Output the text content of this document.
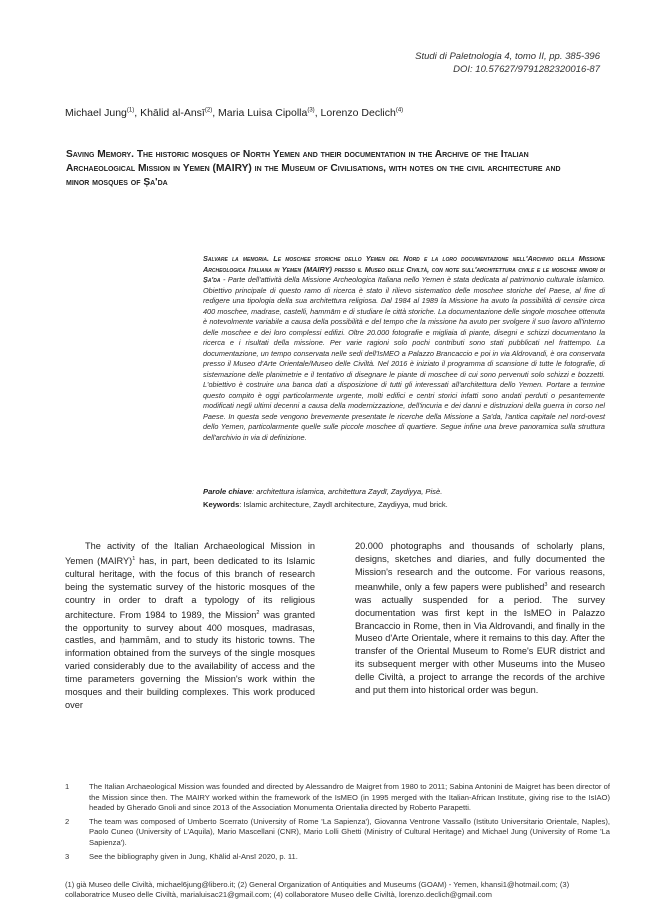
Studi di Paletnologia 4, tomo II, pp. 385-396
DOI: 10.57627/9791282320016-87
Michael Jung$^{(1)}$, Khālid al-Ansī$^{(2)}$, Maria Luisa Cipolla$^{(3)}$, Lorenzo Declich$^{(4)}$
Saving Memory. The historic mosques of North Yemen and their documentation in the Archive of the Italian Archaeological Mission in Yemen (MAIRY) in the Museum of Civilisations, with notes on the civil architecture and minor mosques of Ṣa'da
Salvare la memoria. Le moschee storiche dello Yemen del Nord e la loro documentazione nell'Archivio della Missione Archeologica Italiana in Yemen (MAIRY) presso il Museo delle Civiltà, con note sull'architettura civile e le moschee minori di Ṣa'da - Parte dell'attività della Missione Archeologica Italiana nello Yemen è stata dedicata al patrimonio culturale islamico. Obiettivo principale di questo ramo di ricerca è stato il rilievo sistematico delle moschee storiche del Paese, al fine di redigere una tipologia della sua architettura religiosa. Dal 1984 al 1989 la Missione ha avuto la possibilità di censire circa 400 moschee, madrase, castelli, hammām e di studiare le città storiche. La documentazione delle singole moschee ottenuta è notevolmente variabile a causa della possibilità e del tempo che la missione ha avuto per svolgere il suo lavoro all'interno delle moschee e dei loro complessi edifizi. Oltre 20.000 fotografie e migliaia di piante, disegni e schizzi documentano la ricerca e i risultati della missione. Per varie ragioni solo pochi contributi sono stati pubblicati nel frattempo. La documentazione, un tempo conservata nelle sedi dell'IsMEO a Palazzo Brancaccio e poi in via Aldrovandi, è ora conservata presso il Museo d'Arte Orientale/Museo delle Civiltà. Nel 2016 è iniziato il programma di scansione di tutte le fotografie, di sistemazione delle planimetrie e il tentativo di disegnare le piante di moschee di cui sono pervenuti solo schizzi e bozzetti. L'obiettivo è costruire una banca dati a disposizione di tutti gli interessati all'architettura dello Yemen. Portare a termine questo compito è oggi particolarmente urgente, molti edifici e centri storici infatti sono andati perduti o pesantemente modificati negli ultimi decenni a causa della modernizzazione, dell'incuria e dei danni e distruzioni della guerra in corso nel Paese. In questa sede vengono brevemente presentate le ricerche della Missione a Ṣa'da, l'antica capitale nel nord-ovest dello Yemen, particolarmente quelle sulle piccole moschee di quartiere. Segue infine una breve panoramica sulla struttura dell'archivio in via di definizione.
Parole chiave: architettura islamica, architettura Zaydī, Zaydiyya, Pisè.
Keywords: Islamic architecture, Zaydī architecture, Zaydiyya, mud brick.
The activity of the Italian Archaeological Mission in Yemen (MAIRY)$^1$ has, in part, been dedicated to its Islamic cultural heritage, with the focus of this branch of research being the systematic survey of the historic mosques of the country in order to draft a typology of its religious architecture. From 1984 to 1989, the Mission$^2$ was granted the opportunity to survey about 400 mosques, madrasas, castles, and ḥammām, and to study its historic towns. The information obtained from the surveys of the single mosques varied considerably due to the availability of access and the time parameters governing the Mission's work within the mosques and their building complexes. This work produced over
20.000 photographs and thousands of scholarly plans, designs, sketches and diaries, and fully documented the Mission's research and the outcome. For various reasons, meanwhile, only a few papers were published$^3$ and research was actually suspended for a period. The survey documentation was first kept in the IsMEO in Palazzo Brancaccio in Rome, then in Via Aldrovandi, and finally in the Museo d'Arte Orientale, where it remains to this day. After the transfer of the Oriental Museum to Rome's EUR district and its subsequent merger with other Museums into the Museo delle Civiltà, a project to arrange the records of the archive and put them into historical order was begun.
1	The Italian Archaeological Mission was founded and directed by Alessandro de Maigret from 1980 to 2011; Sabina Antonini de Maigret has been director of the Mission since then. The MAIRY worked within the framework of the IsMEO (in 1995 merged with the Italian-African Institute, giving rise to the IsIAO) headed by Gherado Gnoli and since 2013 of the Association Monumenta Orientalia directed by Roberto Parapetti.
2	The team was composed of Umberto Scerrato (University of Rome 'La Sapienza'), Giovanna Ventrone Vassallo (Istituto Universitario Orientale, Naples), Paolo Cuneo (University of L'Aquila), Mario Mascellani (CNR), Mario Lolli Ghetti (Ministry of Cultural Heritage) and Michael Jung (University of Rome 'La Sapienza').
3	See the bibliography given in Jung, Khālid al-Ansī 2020, p. 11.
(1) già Museo delle Civiltà, michael6jung@libero.it; (2) General Organization of Antiquities and Museums (GOAM) - Yemen, khansi1@hotmail.com; (3) collaboratrice Museo delle Civiltà, marialuisac21@gmail.com; (4) collaboratore Museo delle Civiltà, lorenzo.declich@gmail.com
